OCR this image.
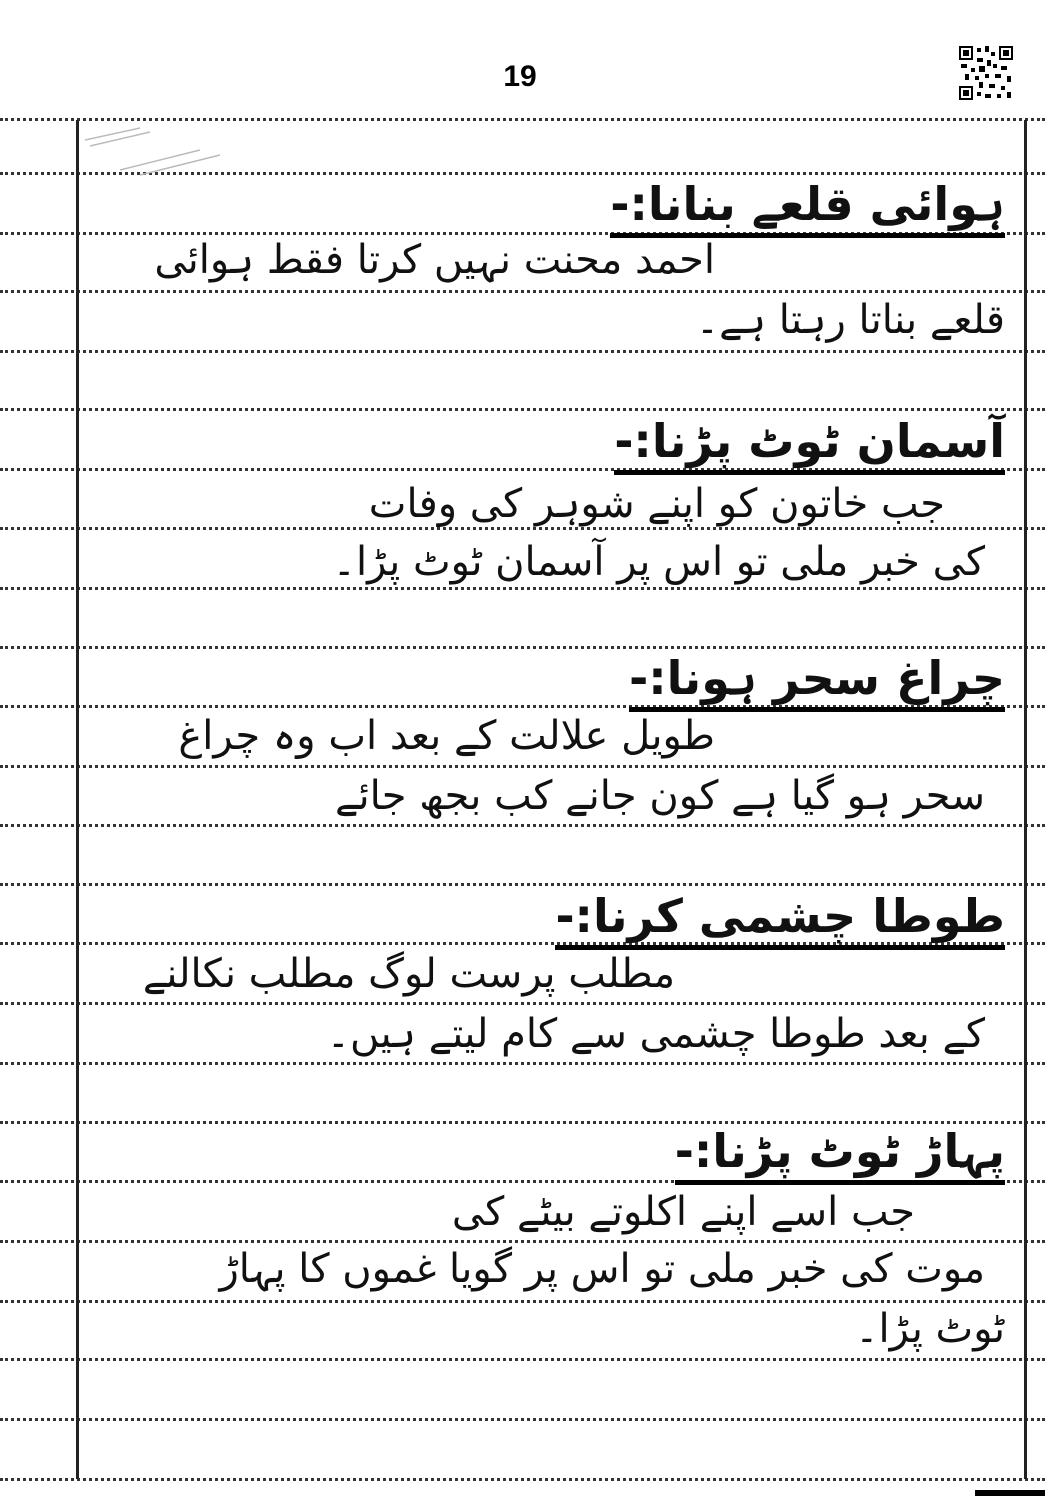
19
ہوائی قلعے بنانا:-
احمد محنت نہیں کرتا فقط ہوائی
قلعے بناتا رہتا ہے۔
آسمان ٹوٹ پڑنا:-
جب خاتون کو اپنے شوہر کی وفات
کی خبر ملی تو اس پر آسمان ٹوٹ پڑا۔
چراغ سحر ہونا:-
طویل علالت کے بعد اب وہ چراغ
سحر ہو گیا ہے کون جانے کب بجھ جائے
طوطا چشمی کرنا:-
مطلب پرست لوگ مطلب نکالنے
کے بعد طوطا چشمی سے کام لیتے ہیں۔
پہاڑ ٹوٹ پڑنا:-
جب اسے اپنے اکلوتے بیٹے کی
موت کی خبر ملی تو اس پر گویا غموں کا پہاڑ
ٹوٹ پڑا۔
